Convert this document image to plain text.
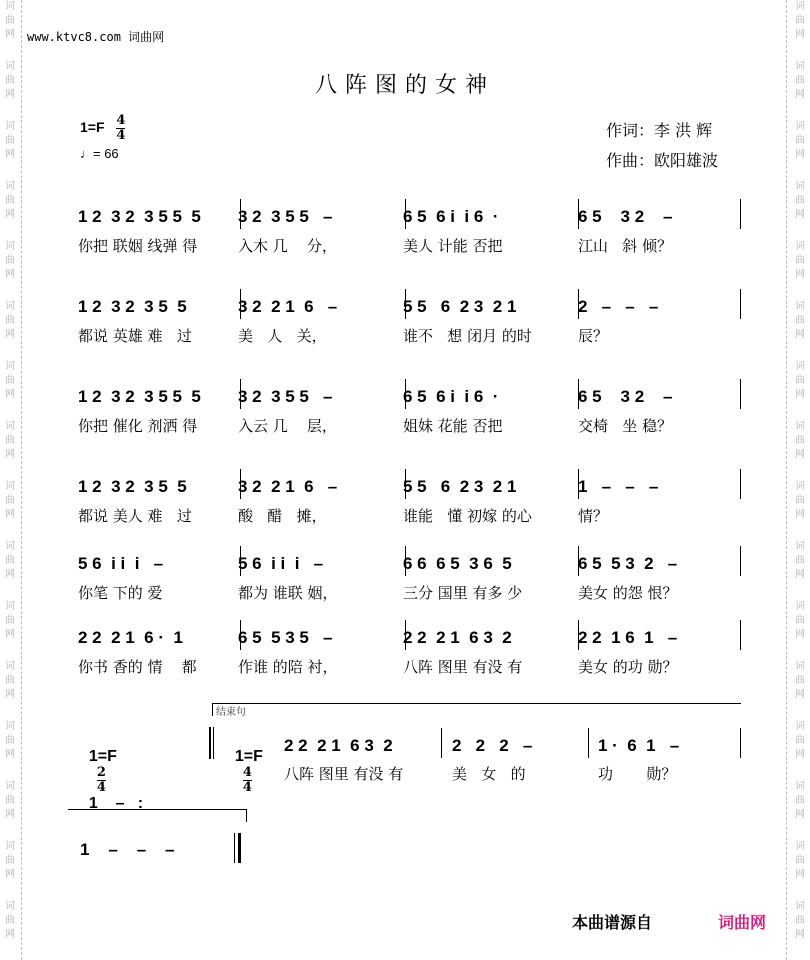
词
曲
网
词
曲
网
词
曲
网
词
曲
网
词
曲
网
词
曲
网
词
曲
网
词
曲
网
词
曲
网
词
曲
网
词
曲
网
词
曲
网
词
曲
网
词
曲
网
词
曲
网
词
曲
网
词
曲
网
词
曲
网
词
曲
网
词
曲
网
词
曲
网
词
曲
网
词
曲
网
词
曲
网
词
曲
网
词
曲
网
词
曲
网
词
曲
网
词
曲
网
词
曲
网
词
曲
网
词
曲
网
www.ktvc8.com 词曲网
八阵图的女神
$1=F \frac{4}{4}$
♩= 66
作词：李 洪 辉
作曲：欧阳雄波
1 2  3 2  3 5 5  5
你把 联姻 线弹 得
3 2  3 5 5   –
入木 几    分，
6 5  6 i  i 6  ·
美人 计能 否把
6 5    3 2    –
江山   斜 倾？
1 2  3 2  3 5  5
都说 英雄 难   过
3 2  2 1  6   –
美   人   关，
5 5   6  2 3  2 1
谁不   想 闭月 的时
2   –   –   –
辰？
1 2  3 2  3 5 5  5
你把 催化 剂洒 得
3 2  3 5 5   –
入云 几    层，
6 5  6 i  i 6  ·
姐妹 花能 否把
6 5    3 2    –
交椅   坐 稳？
1 2  3 2  3 5  5
都说 美人 难   过
3 2  2 1  6   –
酸   醋   摊，
5 5   6  2 3  2 1
谁能   懂 初嫁 的心
1   –   –   –
情？
5 6  i i  i   –
你笔 下的 爱
5 6  i i  i   –
都为 谁联 姻，
6 6  6 5  3 6  5
三分 国里 有多 少
6 5  5 3  2   –
美女 的怨 恨？
2 2  2 1  6 ·  1
你书 香的 情    都
6 5  5 3 5   –
作谁 的陪 衬，
2 2  2 1  6 3  2
八阵 图里 有没 有
2 2  1 6  1   –
美女 的功 勋？
结束句

1=F

$\frac{2}{4}$

1    –   :

1=F

$\frac{4}{4}$

2 2  2 1  6 3  2	2   2   2   –	1 ·  6  1   –
八阵 图里 有没 有	美   女   的	功       勋？
1    –    –    –
本曲谱源自	词曲网
